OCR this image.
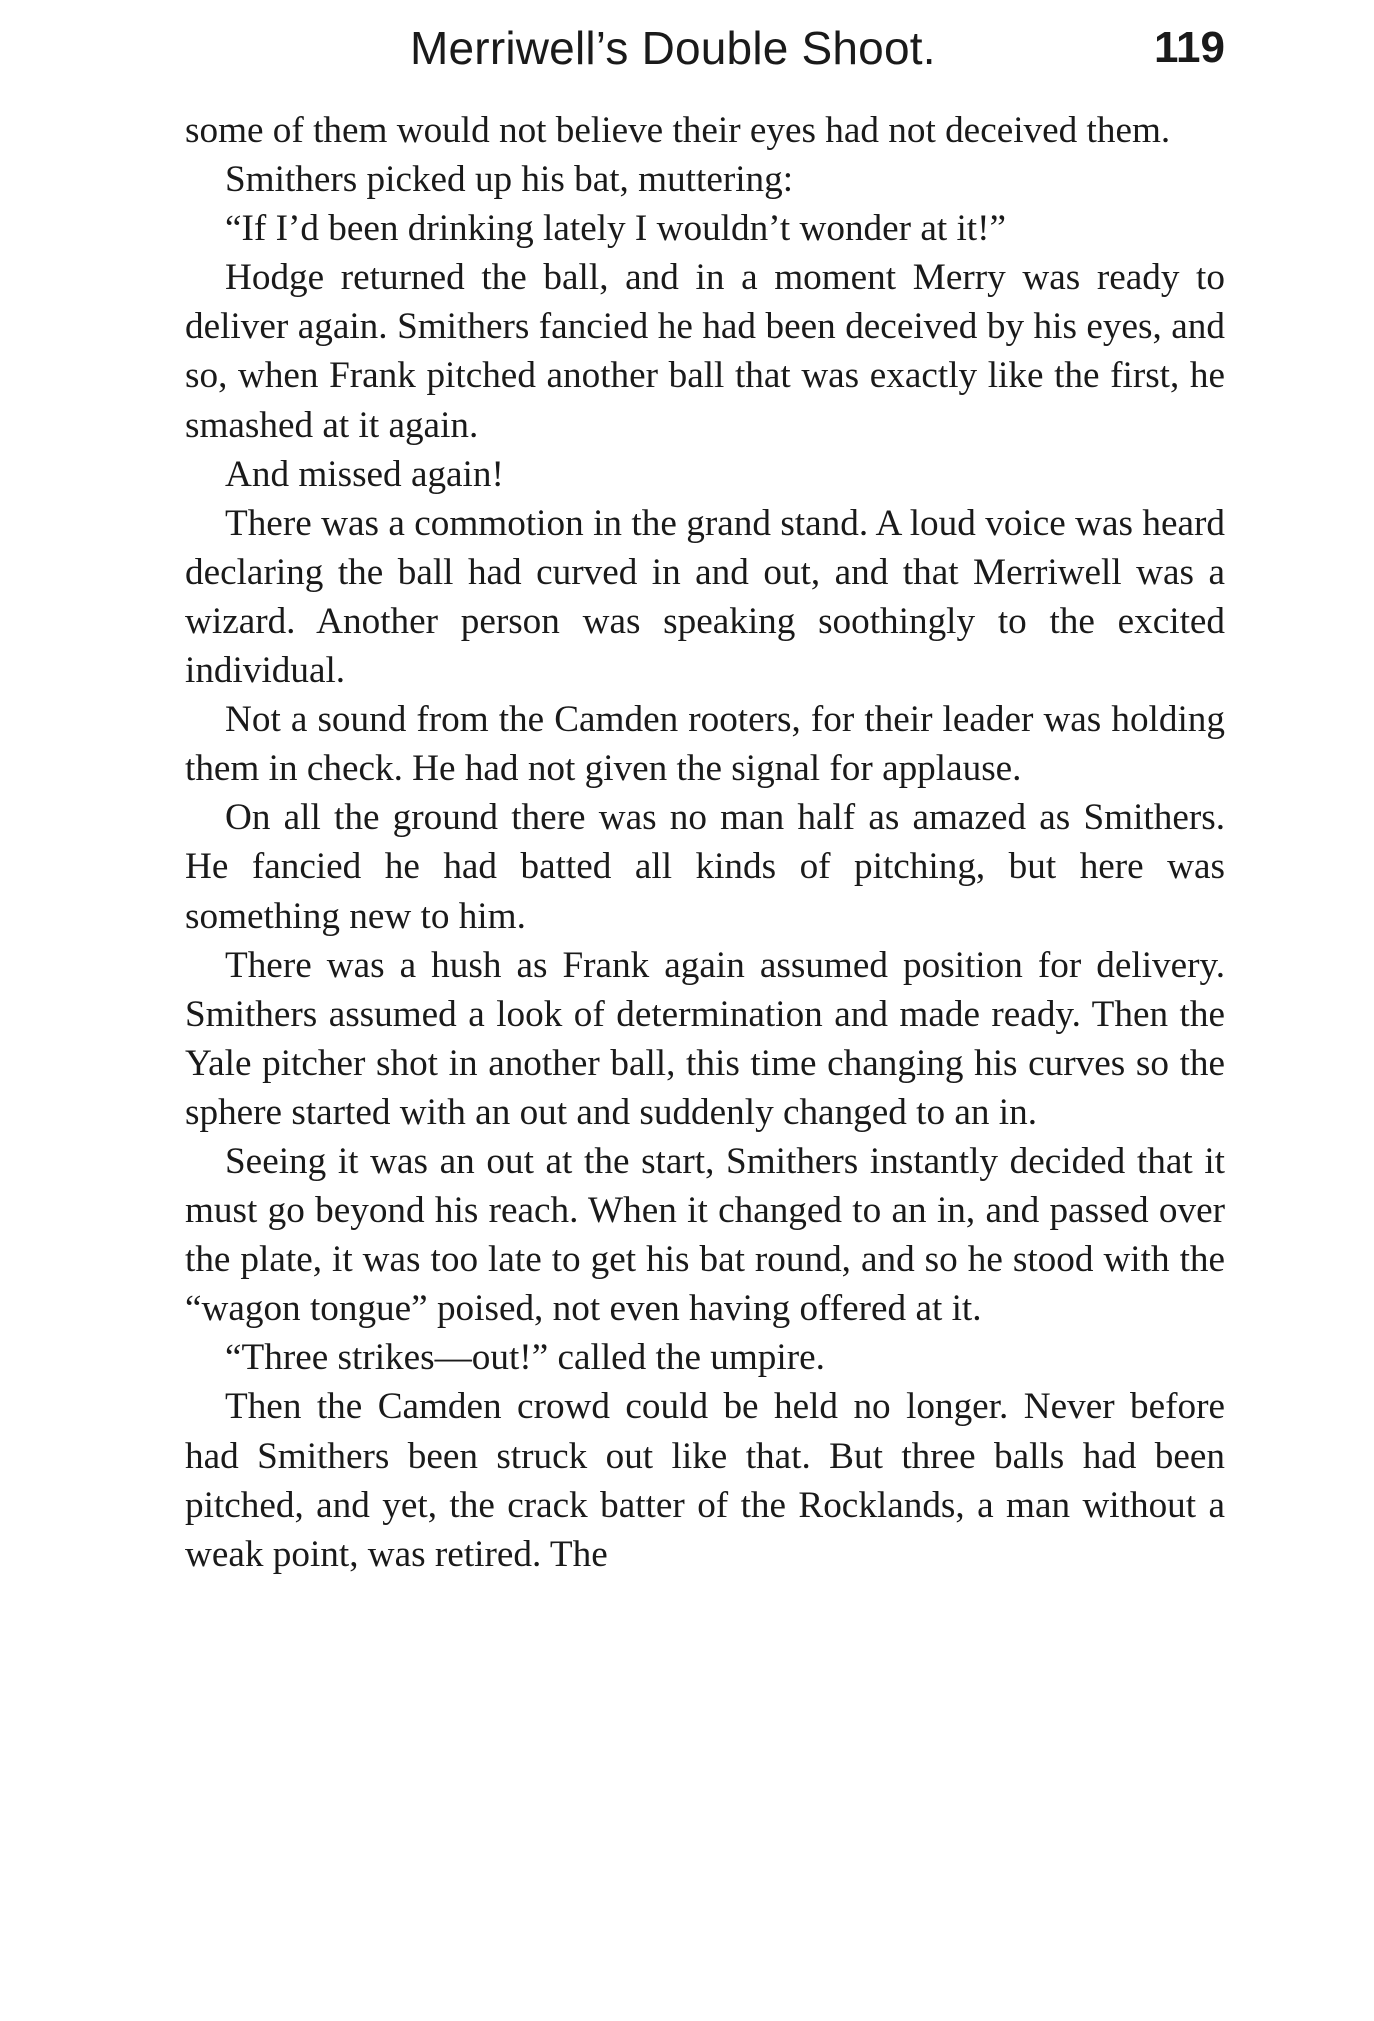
Merriwell’s Double Shoot.	119

some of them would not believe their eyes had not deceived them.

Smithers picked up his bat, muttering:

“If I’d been drinking lately I wouldn’t wonder at it!”

Hodge returned the ball, and in a moment Merry was ready to deliver again. Smithers fancied he had been deceived by his eyes, and so, when Frank pitched another ball that was exactly like the first, he smashed at it again.

And missed again!

There was a commotion in the grand stand. A loud voice was heard declaring the ball had curved in and out, and that Merriwell was a wizard. Another person was speaking soothingly to the excited individual.

Not a sound from the Camden rooters, for their leader was holding them in check. He had not given the signal for applause.

On all the ground there was no man half as amazed as Smithers. He fancied he had batted all kinds of pitching, but here was something new to him.

There was a hush as Frank again assumed position for delivery. Smithers assumed a look of determination and made ready. Then the Yale pitcher shot in another ball, this time changing his curves so the sphere started with an out and suddenly changed to an in.

Seeing it was an out at the start, Smithers instantly decided that it must go beyond his reach. When it changed to an in, and passed over the plate, it was too late to get his bat round, and so he stood with the “wagon tongue” poised, not even having offered at it.

“Three strikes—out!” called the umpire.

Then the Camden crowd could be held no longer. Never before had Smithers been struck out like that. But three balls had been pitched, and yet, the crack batter of the Rocklands, a man without a weak point, was retired. The
